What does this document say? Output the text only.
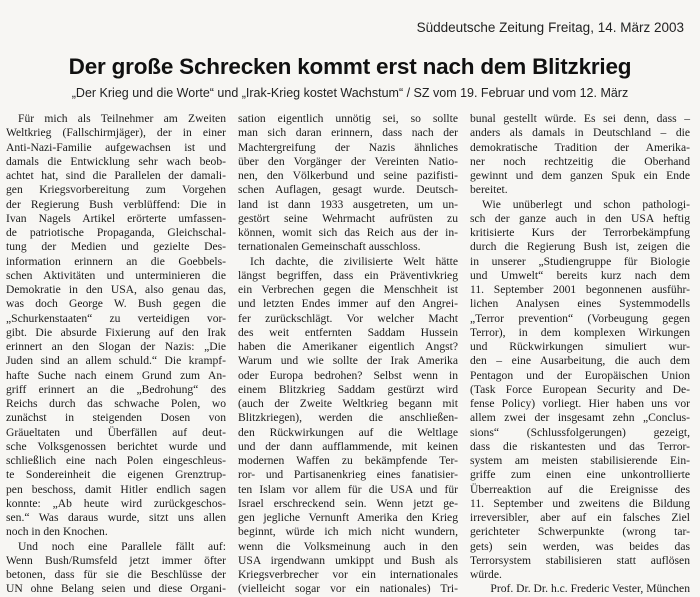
Süddeutsche Zeitung Freitag, 14. März 2003
Der große Schrecken kommt erst nach dem Blitzkrieg
„Der Krieg und die Worte“ und „Irak-Krieg kostet Wachstum“ / SZ vom 19. Februar und vom 12. März
Für mich als Teilnehmer am Zweiten
Weltkrieg (Fallschirmjäger), der in einer
Anti-Nazi-Familie aufgewachsen ist und
damals die Entwicklung sehr wach beob-
achtet hat, sind die Parallelen der damali-
gen Kriegsvorbereitung zum Vorgehen
der Regierung Bush verblüffend: Die in
Ivan Nagels Artikel erörterte umfassen-
de patriotische Propaganda, Gleichschal-
tung der Medien und gezielte Des-
information erinnern an die Goebbels-
schen Aktivitäten und unterminieren die
Demokratie in den USA, also genau das,
was doch George W. Bush gegen die
„Schurkenstaaten“ zu verteidigen vor-
gibt. Die absurde Fixierung auf den Irak
erinnert an den Slogan der Nazis: „Die
Juden sind an allem schuld.“ Die krampf-
hafte Suche nach einem Grund zum An-
griff erinnert an die „Bedrohung“ des
Reichs durch das schwache Polen, wo
zunächst in steigenden Dosen von
Gräueltaten und Überfällen auf deut-
sche Volksgenossen berichtet wurde und
schließlich eine nach Polen eingeschleus-
te Sondereinheit die eigenen Grenztrup-
pen beschoss, damit Hitler endlich sagen
konnte: „Ab heute wird zurückgeschos-
sen.“ Was daraus wurde, sitzt uns allen
noch in den Knochen.
Und noch eine Parallele fällt auf:
Wenn Bush/Rumsfeld jetzt immer öfter
betonen, dass für sie die Beschlüsse der
UN ohne Belang seien und diese Organi-
sation eigentlich unnötig sei, so sollte
man sich daran erinnern, dass nach der
Machtergreifung der Nazis ähnliches
über den Vorgänger der Vereinten Natio-
nen, den Völkerbund und seine pazifisti-
schen Auflagen, gesagt wurde. Deutsch-
land ist dann 1933 ausgetreten, um un-
gestört seine Wehrmacht aufrüsten zu
können, womit sich das Reich aus der in-
ternationalen Gemeinschaft ausschloss.
Ich dachte, die zivilisierte Welt hätte
längst begriffen, dass ein Präventivkrieg
ein Verbrechen gegen die Menschheit ist
und letzten Endes immer auf den Angrei-
fer zurückschlägt. Vor welcher Macht
des weit entfernten Saddam Hussein
haben die Amerikaner eigentlich Angst?
Warum und wie sollte der Irak Amerika
oder Europa bedrohen? Selbst wenn in
einem Blitzkrieg Saddam gestürzt wird
(auch der Zweite Weltkrieg begann mit
Blitzkriegen), werden die anschließen-
den Rückwirkungen auf die Weltlage
und der dann aufflammende, mit keinen
modernen Waffen zu bekämpfende Ter-
ror- und Partisanenkrieg eines fanatisier-
ten Islam vor allem für die USA und für
Israel erschreckend sein. Wenn jetzt ge-
gen jegliche Vernunft Amerika den Krieg
beginnt, würde ich mich nicht wundern,
wenn die Volksmeinung auch in den
USA irgendwann umkippt und Bush als
Kriegsverbrecher vor ein internationales
(vielleicht sogar vor ein nationales) Tri-
bunal gestellt würde. Es sei denn, dass –
anders als damals in Deutschland – die
demokratische Tradition der Amerika-
ner noch rechtzeitig die Oberhand
gewinnt und dem ganzen Spuk ein Ende
bereitet.
Wie unüberlegt und schon pathologi-
sch der ganze auch in den USA heftig
kritisierte Kurs der Terrorbekämpfung
durch die Regierung Bush ist, zeigen die
in unserer „Studiengruppe für Biologie
und Umwelt“ bereits kurz nach dem
11. September 2001 begonnenen ausführ-
lichen Analysen eines Systemmodells
„Terror prevention“ (Vorbeugung gegen
Terror), in dem komplexen Wirkungen
und Rückwirkungen simuliert wur-
den – eine Ausarbeitung, die auch dem
Pentagon und der Europäischen Union
(Task Force European Security and De-
fense Policy) vorliegt. Hier haben uns vor
allem zwei der insgesamt zehn „Conclus-
sions“ (Schlussfolgerungen) gezeigt,
dass die riskantesten und das Terror-
system am meisten stabilisierende Ein-
griffe zum einen eine unkontrollierte
Überreaktion auf die Ereignisse des
11. September und zweitens die Bildung
irreversibler, aber auf ein falsches Ziel
gerichteter Schwerpunkte (wrong tar-
gets) sein werden, was beides das
Terrorsystem stabilisieren statt auflösen
würde.
Prof. Dr. Dr. h.c. Frederic Vester, München
